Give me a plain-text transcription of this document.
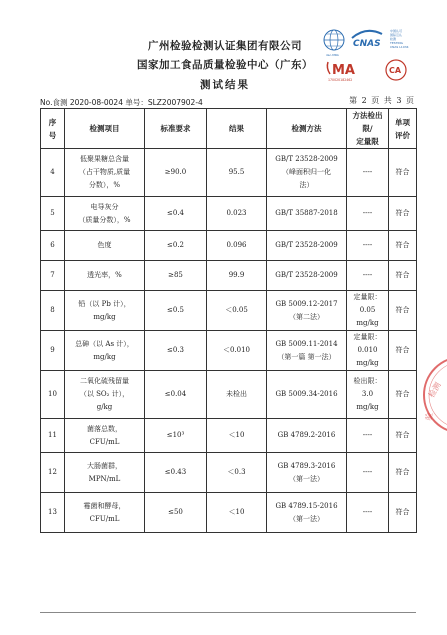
广州检验检测认证集团有限公司
国家加工食品质量检验中心（广东）
测试结果
ilac-MRA
CNAS
中国认可
国际互认
检测
TESTING
CNAS L1034
MA
170020182462
CA
No.食测 2020-08-0024 单号：SLZ2007902-4	第 2 页 共 3 页
序
号	检测项目	标准要求	结果	检测方法	方法检出限/
定量限	单项
评价
4	低聚果糖总含量
（占干物质,质量
分数），%	≥90.0	95.5	GB/T 23528-2009
（峰面积归一化
法）	----	符合
5	电导灰分
（质量分数），%	≤0.4	0.023	GB/T 35887-2018	----	符合
6	色度	≤0.2	0.096	GB/T 23528-2009	----	符合
7	透光率，%	≥85	99.9	GB/T 23528-2009	----	符合
8	铅（以 Pb 计），
mg/kg	≤0.5	＜0.05	GB 5009.12-2017
（第二法）	定量限：0.05
mg/kg	符合
9	总砷（以 As 计），
mg/kg	≤0.3	＜0.010	GB 5009.11-2014
（第一篇 第一法）	定量限：0.010
mg/kg	符合
10	二氧化硫残留量
（以 SO₂ 计），
g/kg	≤0.04	未检出	GB 5009.34-2016	检出限：3.0
mg/kg	符合
11	菌落总数，
CFU/mL	≤10³	＜10	GB 4789.2-2016	----	符合
12	大肠菌群，
MPN/mL	≤0.43	＜0.3	GB 4789.3-2016
（第一法）	----	符合
13	霉菌和酵母，
CFU/mL	≤50	＜10	GB 4789.15-2016
（第一法）	----	符合
检测
验
